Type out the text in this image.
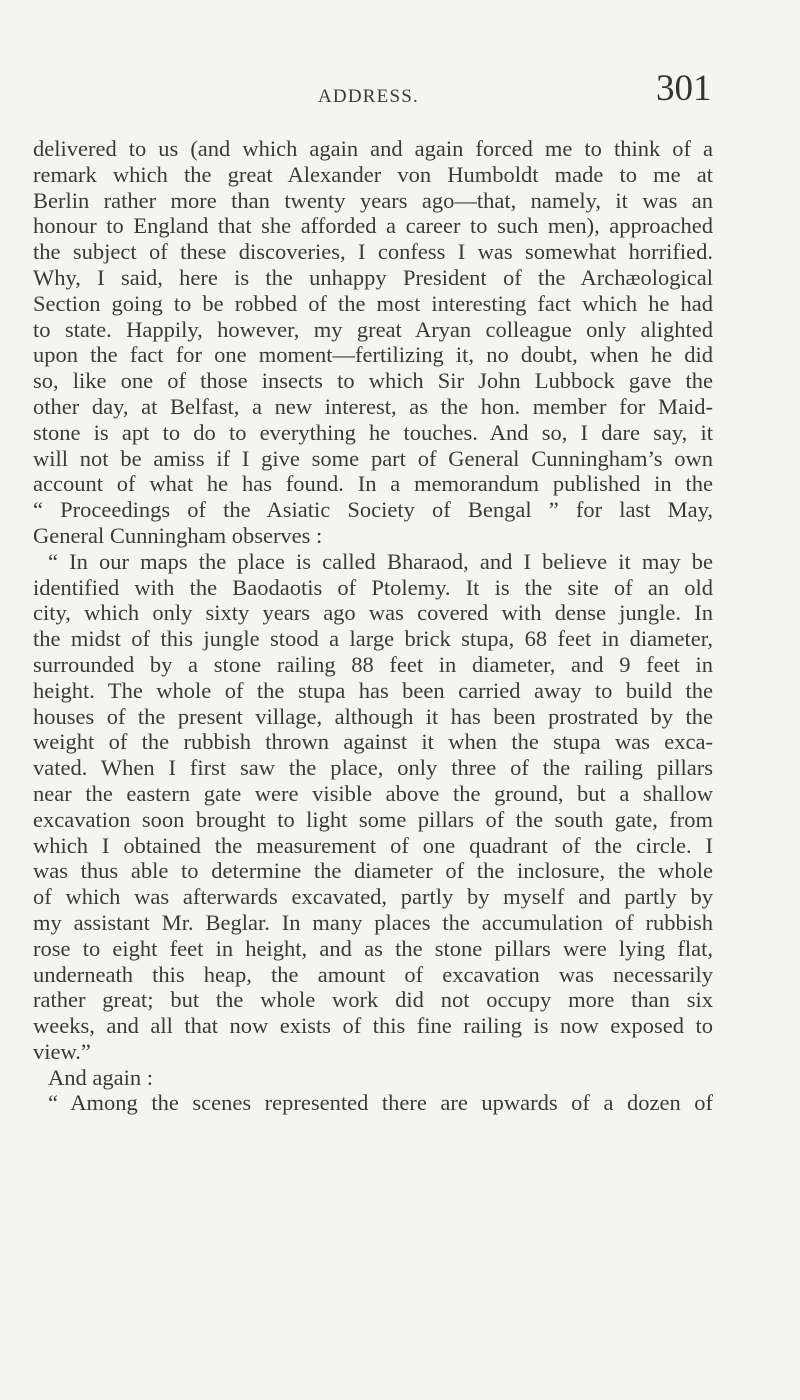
ADDRESS.	301
delivered to us (and which again and again forced me to think of a
remark which the great Alexander von Humboldt made to me at
Berlin rather more than twenty years ago—that, namely, it was an
honour to England that she afforded a career to such men), approached
the subject of these discoveries, I confess I was somewhat horrified.
Why, I said, here is the unhappy President of the Archæological
Section going to be robbed of the most interesting fact which he had
to state. Happily, however, my great Aryan colleague only alighted
upon the fact for one moment—fertilizing it, no doubt, when he did
so, like one of those insects to which Sir John Lubbock gave the
other day, at Belfast, a new interest, as the hon. member for Maid-
stone is apt to do to everything he touches. And so, I dare say, it
will not be amiss if I give some part of General Cunningham’s own
account of what he has found. In a memorandum published in the
“ Proceedings of the Asiatic Society of Bengal ” for last May,
General Cunningham observes :
“ In our maps the place is called Bharaod, and I believe it may be
identified with the Baodaotis of Ptolemy. It is the site of an old
city, which only sixty years ago was covered with dense jungle. In
the midst of this jungle stood a large brick stupa, 68 feet in diameter,
surrounded by a stone railing 88 feet in diameter, and 9 feet in
height. The whole of the stupa has been carried away to build the
houses of the present village, although it has been prostrated by the
weight of the rubbish thrown against it when the stupa was exca-
vated. When I first saw the place, only three of the railing pillars
near the eastern gate were visible above the ground, but a shallow
excavation soon brought to light some pillars of the south gate, from
which I obtained the measurement of one quadrant of the circle. I
was thus able to determine the diameter of the inclosure, the whole
of which was afterwards excavated, partly by myself and partly by
my assistant Mr. Beglar. In many places the accumulation of rubbish
rose to eight feet in height, and as the stone pillars were lying flat,
underneath this heap, the amount of excavation was necessarily
rather great; but the whole work did not occupy more than six
weeks, and all that now exists of this fine railing is now exposed to
view.”
And again :
“ Among the scenes represented there are upwards of a dozen of
